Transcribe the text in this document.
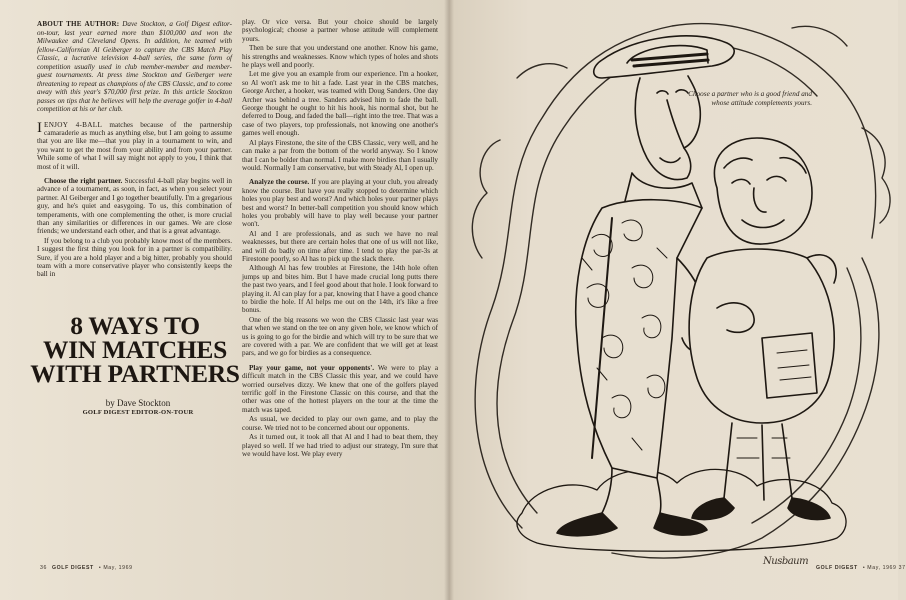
ABOUT THE AUTHOR: Dave Stockton, a Golf Digest editor-on-tour, last year earned more than $100,000 and won the Milwaukee and Cleveland Opens. In addition, he teamed with fellow-Californian Al Geiberger to capture the CBS Match Play Classic, a lucrative television 4-ball series, the same form of competition usually used in club member-member and member-guest tournaments. At press time Stockton and Geiberger were threatening to repeat as champions of the CBS Classic, and to come away with this year's $70,000 first prize. In this article Stockton passes on tips that he believes will help the average golfer in 4-ball competition at his or her club.

I ENJOY 4-BALL matches because of the partnership camaraderie as much as anything else, but I am going to assume that you are like me—that you play in a tournament to win, and you want to get the most from your ability and from your partner. While some of what I will say might not apply to you, I think that most of it will.

Choose the right partner. Successful 4-ball play begins well in advance of a tournament, as soon, in fact, as when you select your partner. Al Geiberger and I go together beautifully. I'm a gregarious guy, and he's quiet and easygoing. To us, this combination of temperaments, with one complementing the other, is more crucial than any similarities or differences in our games. We are close friends; we understand each other, and that is a great advantage.

If you belong to a club you probably know most of the members. I suggest the first thing you look for in a partner is compatibility. Sure, if you are a hold player and a big hitter, probably you should team with a more conservative player who consistently keeps the ball in

8 WAYS TO
WIN MATCHES
WITH PARTNERS
by Dave Stockton
GOLF DIGEST EDITOR-ON-TOUR

play. Or vice versa. But your choice should be largely psychological; choose a partner whose attitude will complement yours.

Then be sure that you understand one another. Know his game, his strengths and weaknesses. Know which types of holes and shots he plays well and poorly.

Let me give you an example from our experience. I'm a hooker, so Al won't ask me to hit a fade. Last year in the CBS matches, George Archer, a hooker, was teamed with Doug Sanders. One day Archer was behind a tree. Sanders advised him to fade the ball. George thought he ought to hit his hook, his normal shot, but he deferred to Doug, and faded the ball—right into the tree. That was a case of two players, top professionals, not knowing one another's games well enough.

Al plays Firestone, the site of the CBS Classic, very well, and he can make a par from the bottom of the world anyway. So I know that I can be bolder than normal. I make more birdies than I usually would. Normally I am conservative, but with Steady Al, I open up.

Analyze the course. If you are playing at your club, you already know the course. But have you really stopped to determine which holes you play best and worst? And which holes your partner plays best and worst? In better-ball competition you should know which holes you probably will have to play well because your partner won't.

Al and I are professionals, and as such we have no real weaknesses, but there are certain holes that one of us will not like, and will do badly on time after time. I tend to play the par-3s at Firestone poorly, so Al has to pick up the slack there.

Although Al has few troubles at Firestone, the 14th hole often jumps up and bites him. But I have made crucial long putts there the past two years, and I feel good about that hole. I look forward to playing it. Al can play for a par, knowing that I have a good chance to birdie the hole. If Al helps me out on the 14th, it's like a free bonus.

One of the big reasons we won the CBS Classic last year was that when we stand on the tee on any given hole, we know which of us is going to go for the birdie and which will try to be sure that we are covered with a par. We are confident that we will get at least pars, and we go for birdies as a consequence.

Play your game, not your opponents'. We were to play a difficult match in the CBS Classic this year, and we could have worried ourselves dizzy. We knew that one of the golfers played terrific golf in the Firestone Classic on this course, and that the other was one of the hottest players on the tour at the time the match was taped.

As usual, we decided to play our own game, and to play the course. We tried not to be concerned about our opponents.

As it turned out, it took all that Al and I had to beat them, they played so well. If we had tried to adjust our strategy, I'm sure that we would have lost. We play every

Choose a partner who is a good friend and whose attitude complements yours.
Nusbaum
36 GOLF DIGEST • May, 1969	GOLF DIGEST • May, 1969 37
